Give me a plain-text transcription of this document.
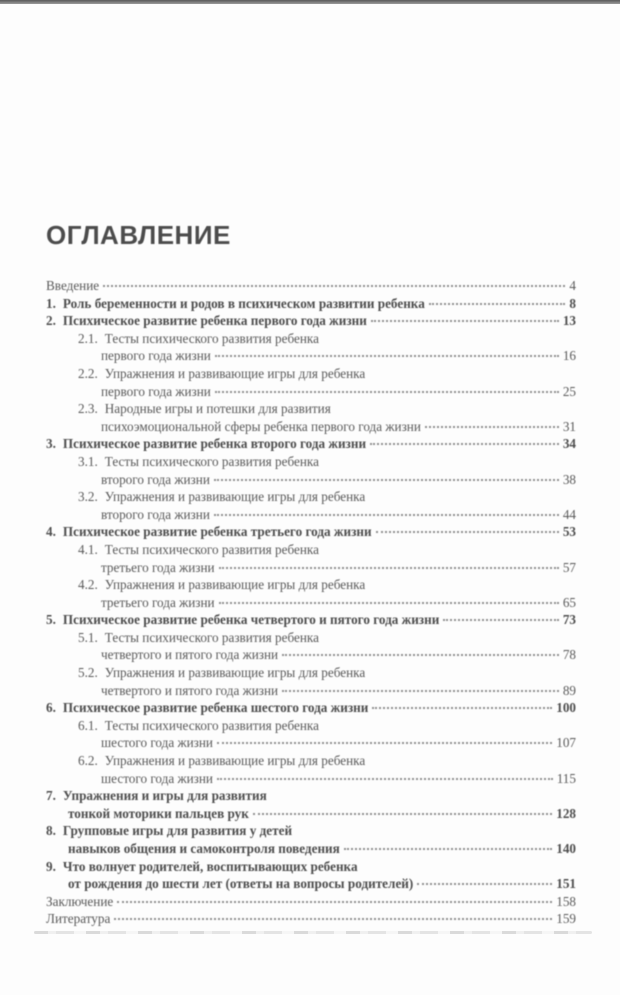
ОГЛАВЛЕНИЕ
Введение	4
1. Роль беременности и родов в психическом развитии ребенка	8
2. Психическое развитие ребенка первого года жизни	13
2.1. Тесты психического развития ребенка
первого года жизни	16
2.2. Упражнения и развивающие игры для ребенка
первого года жизни	25
2.3. Народные игры и потешки для развития
психоэмоциональной сферы ребенка первого года жизни	31
3. Психическое развитие ребенка второго года жизни	34
3.1. Тесты психического развития ребенка
второго года жизни	38
3.2. Упражнения и развивающие игры для ребенка
второго года жизни	44
4. Психическое развитие ребенка третьего года жизни	53
4.1. Тесты психического развития ребенка
третьего года жизни	57
4.2. Упражнения и развивающие игры для ребенка
третьего года жизни	65
5. Психическое развитие ребенка четвертого и пятого года жизни	73
5.1. Тесты психического развития ребенка
четвертого и пятого года жизни	78
5.2. Упражнения и развивающие игры для ребенка
четвертого и пятого года жизни	89
6. Психическое развитие ребенка шестого года жизни	100
6.1. Тесты психического развития ребенка
шестого года жизни	107
6.2. Упражнения и развивающие игры для ребенка
шестого года жизни	115
7. Упражнения и игры для развития
тонкой моторики пальцев рук	128
8. Групповые игры для развития у детей
навыков общения и самоконтроля поведения	140
9. Что волнует родителей, воспитывающих ребенка
от рождения до шести лет (ответы на вопросы родителей)	151
Заключение	158
Литература	159
